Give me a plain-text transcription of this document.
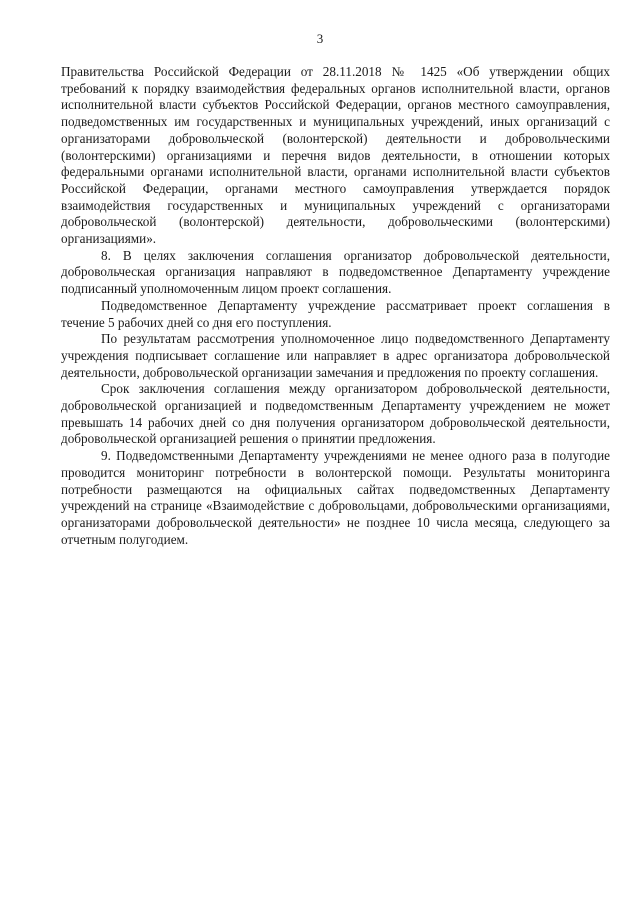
3

Правительства Российской Федерации от 28.11.2018 № 1425 «Об утверждении общих требований к порядку взаимодействия федеральных органов исполнительной власти, органов исполнительной власти субъектов Российской Федерации, органов местного самоуправления, подведомственных им государственных и муниципальных учреждений, иных организаций с организаторами добровольческой (волонтерской) деятельности и добровольческими (волонтерскими) организациями и перечня видов деятельности, в отношении которых федеральными органами исполнительной власти, органами исполнительной власти субъектов Российской Федерации, органами местного самоуправления утверждается порядок взаимодействия государственных и муниципальных учреждений с организаторами добровольческой (волонтерской) деятельности, добровольческими (волонтерскими) организациями».

8. В целях заключения соглашения организатор добровольческой деятельности, добровольческая организация направляют в подведомственное Департаменту учреждение подписанный уполномоченным лицом проект соглашения.

Подведомственное Департаменту учреждение рассматривает проект соглашения в течение 5 рабочих дней со дня его поступления.

По результатам рассмотрения уполномоченное лицо подведомственного Департаменту учреждения подписывает соглашение или направляет в адрес организатора добровольческой деятельности, добровольческой организации замечания и предложения по проекту соглашения.

Срок заключения соглашения между организатором добровольческой деятельности, добровольческой организацией и подведомственным Департаменту учреждением не может превышать 14 рабочих дней со дня получения организатором добровольческой деятельности, добровольческой организацией решения о принятии предложения.

9. Подведомственными Департаменту учреждениями не менее одного раза в полугодие проводится мониторинг потребности в волонтерской помощи. Результаты мониторинга потребности размещаются на официальных сайтах подведомственных Департаменту учреждений на странице «Взаимодействие с добровольцами, добровольческими организациями, организаторами добровольческой деятельности» не позднее 10 числа месяца, следующего за отчетным полугодием.
